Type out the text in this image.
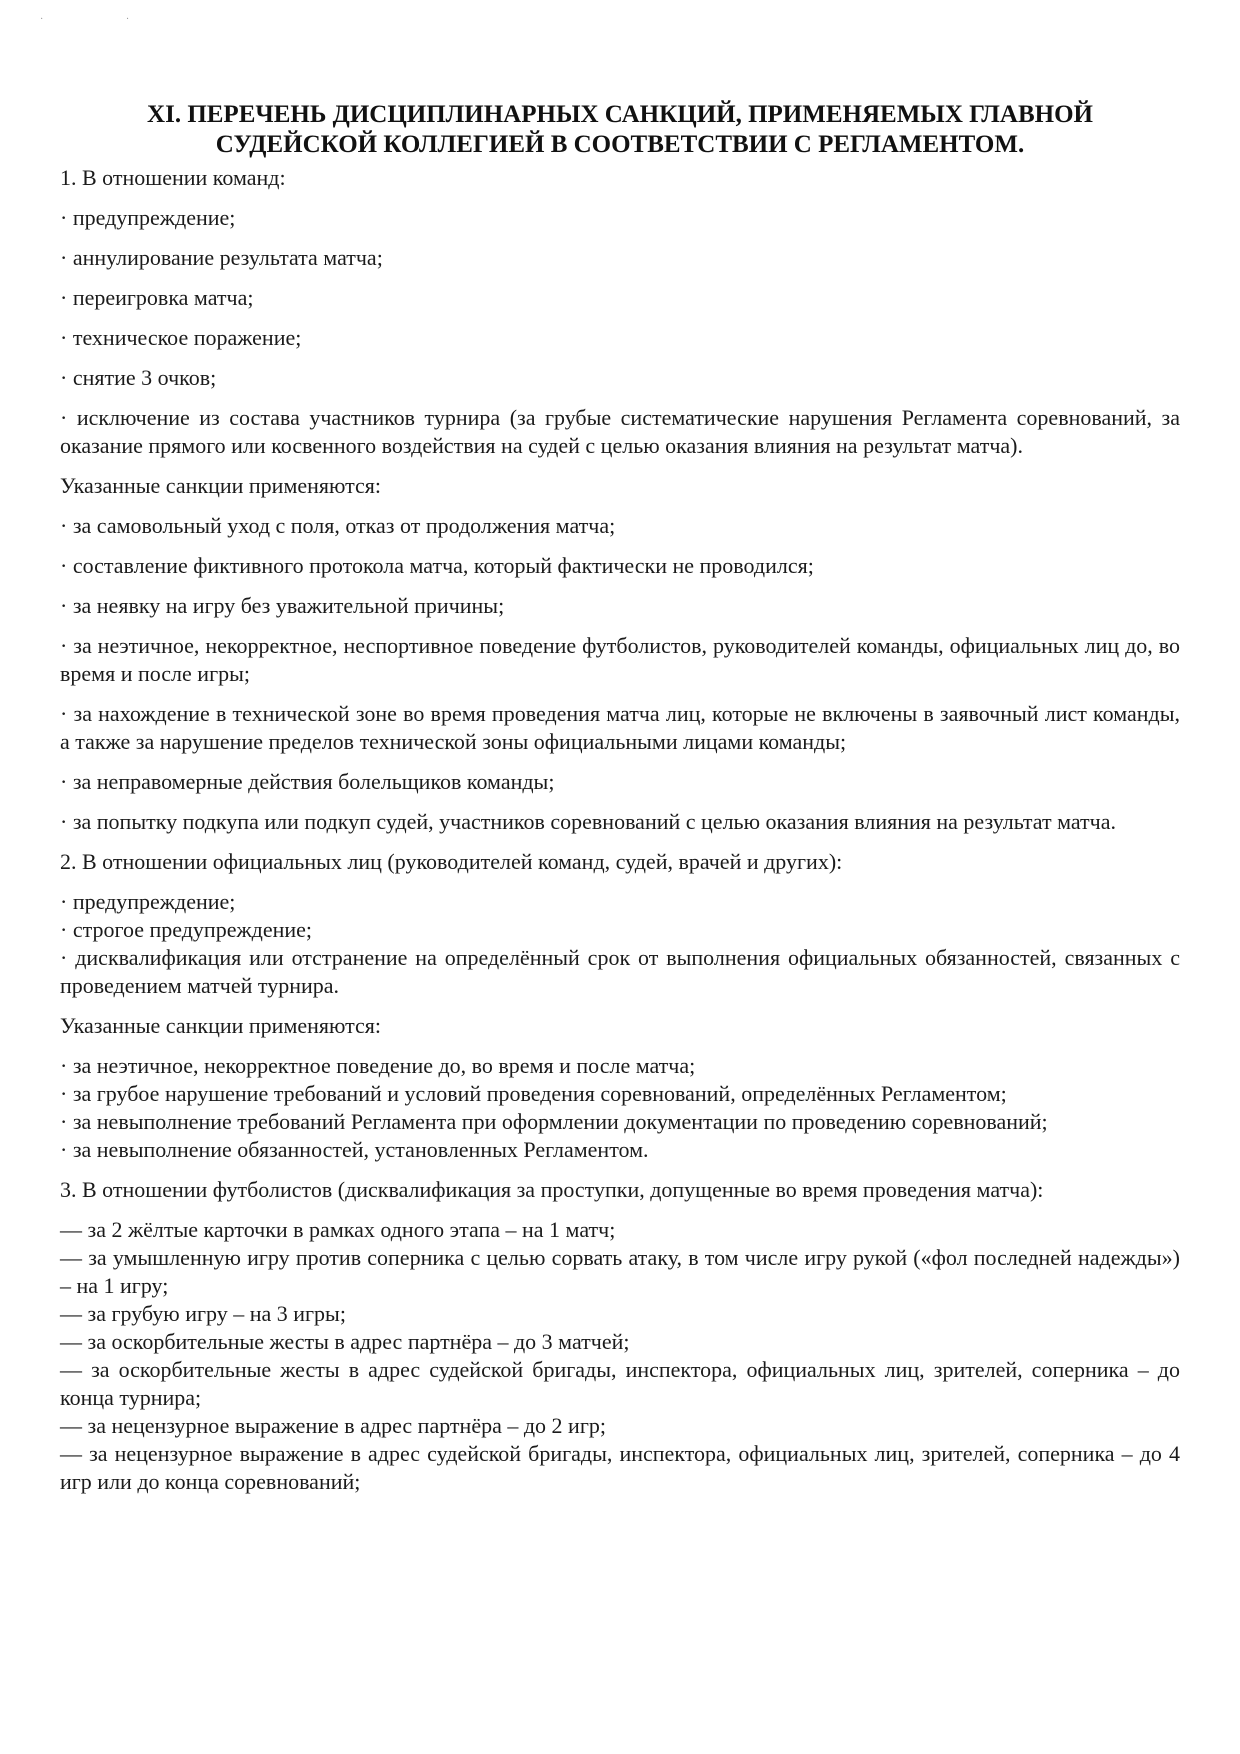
· ·
XI. ПЕРЕЧЕНЬ ДИСЦИПЛИНАРНЫХ САНКЦИЙ, ПРИМЕНЯЕМЫХ ГЛАВНОЙ
СУДЕЙСКОЙ КОЛЛЕГИЕЙ В СООТВЕТСТВИИ С РЕГЛАМЕНТОМ.

1. В отношении команд:

· предупреждение;

· аннулирование результата матча;

· переигровка матча;

· техническое поражение;

· снятие 3 очков;

· исключение из состава участников турнира (за грубые систематические нарушения Регламента соревнований, за оказание прямого или косвенного воздействия на судей с целью оказания влияния на результат матча).

Указанные санкции применяются:

· за самовольный уход с поля, отказ от продолжения матча;

· составление фиктивного протокола матча, который фактически не проводился;

· за неявку на игру без уважительной причины;

· за неэтичное, некорректное, неспортивное поведение футболистов, руководителей команды, официальных лиц до, во время и после игры;

· за нахождение в технической зоне во время проведения матча лиц, которые не включены в заявочный лист команды, а также за нарушение пределов технической зоны официальными лицами команды;

· за неправомерные действия болельщиков команды;

· за попытку подкупа или подкуп судей, участников соревнований с целью оказания влияния на результат матча.

2. В отношении официальных лиц (руководителей команд, судей, врачей и других):

· предупреждение;

· строгое предупреждение;

· дисквалификация или отстранение на определённый срок от выполнения официальных обязанностей, связанных с проведением матчей турнира.

Указанные санкции применяются:

· за неэтичное, некорректное поведение до, во время и после матча;

· за грубое нарушение требований и условий проведения соревнований, определённых Регламентом;

· за невыполнение требований Регламента при оформлении документации по проведению соревнований;

· за невыполнение обязанностей, установленных Регламентом.

3. В отношении футболистов (дисквалификация за проступки, допущенные во время проведения матча):

— за 2 жёлтые карточки в рамках одного этапа – на 1 матч;

— за умышленную игру против соперника с целью сорвать атаку, в том числе игру рукой («фол последней надежды») – на 1 игру;

— за грубую игру – на 3 игры;

— за оскорбительные жесты в адрес партнёра – до 3 матчей;

— за оскорбительные жесты в адрес судейской бригады, инспектора, официальных лиц, зрителей, соперника – до конца турнира;

— за нецензурное выражение в адрес партнёра – до 2 игр;

— за нецензурное выражение в адрес судейской бригады, инспектора, официальных лиц, зрителей, соперника – до 4 игр или до конца соревнований;
